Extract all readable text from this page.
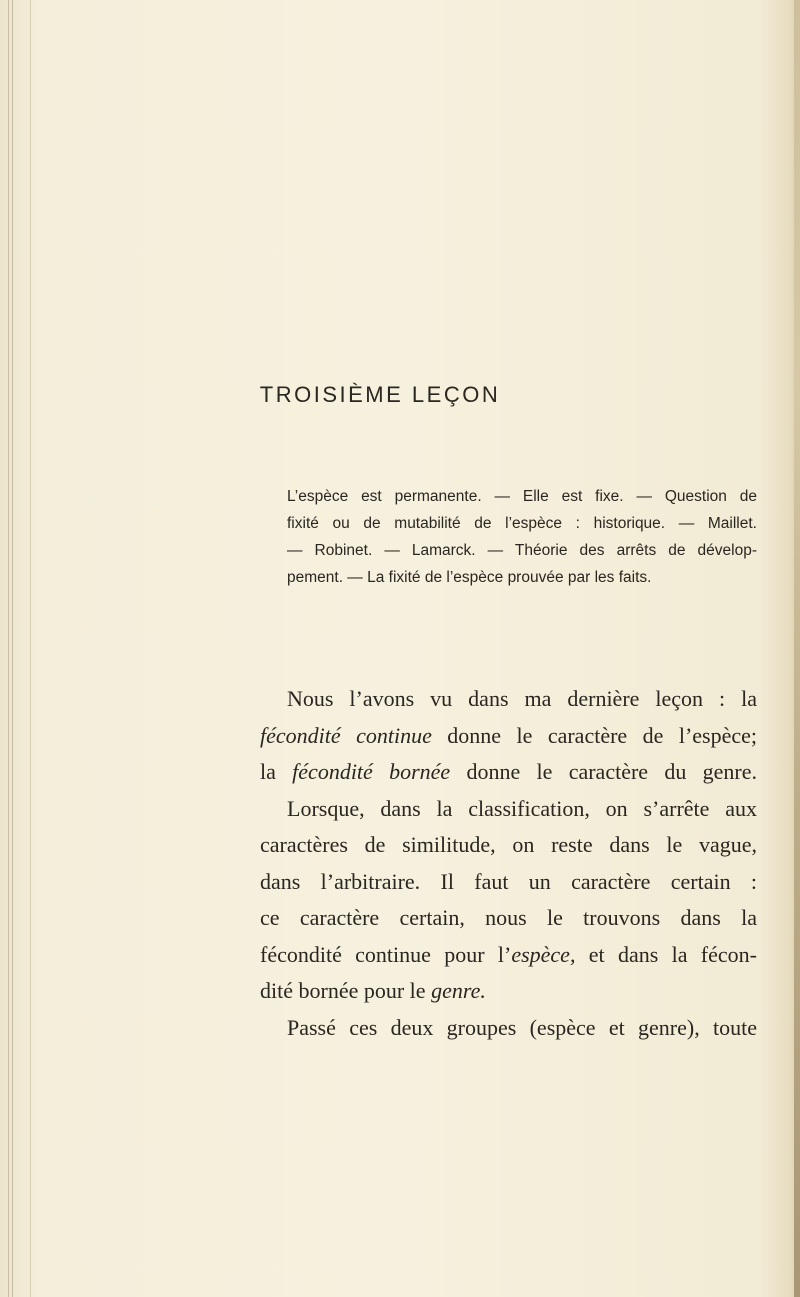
TROISIÈME LEÇON
L’espèce est permanente. — Elle est fixe. — Question de
fixité ou de mutabilité de l’espèce : historique. — Maillet.
— Robinet. — Lamarck. — Théorie des arrêts de dévelop-
pement. — La fixité de l’espèce prouvée par les faits.
Nous l’avons vu dans ma dernière leçon : la
fécondité continue donne le caractère de l’espèce;
la fécondité bornée donne le caractère du genre.
Lorsque, dans la classification, on s’arrête aux
caractères de similitude, on reste dans le vague,
dans l’arbitraire. Il faut un caractère certain :
ce caractère certain, nous le trouvons dans la
fécondité continue pour l’espèce, et dans la fécon-
dité bornée pour le genre.
Passé ces deux groupes (espèce et genre), toute
